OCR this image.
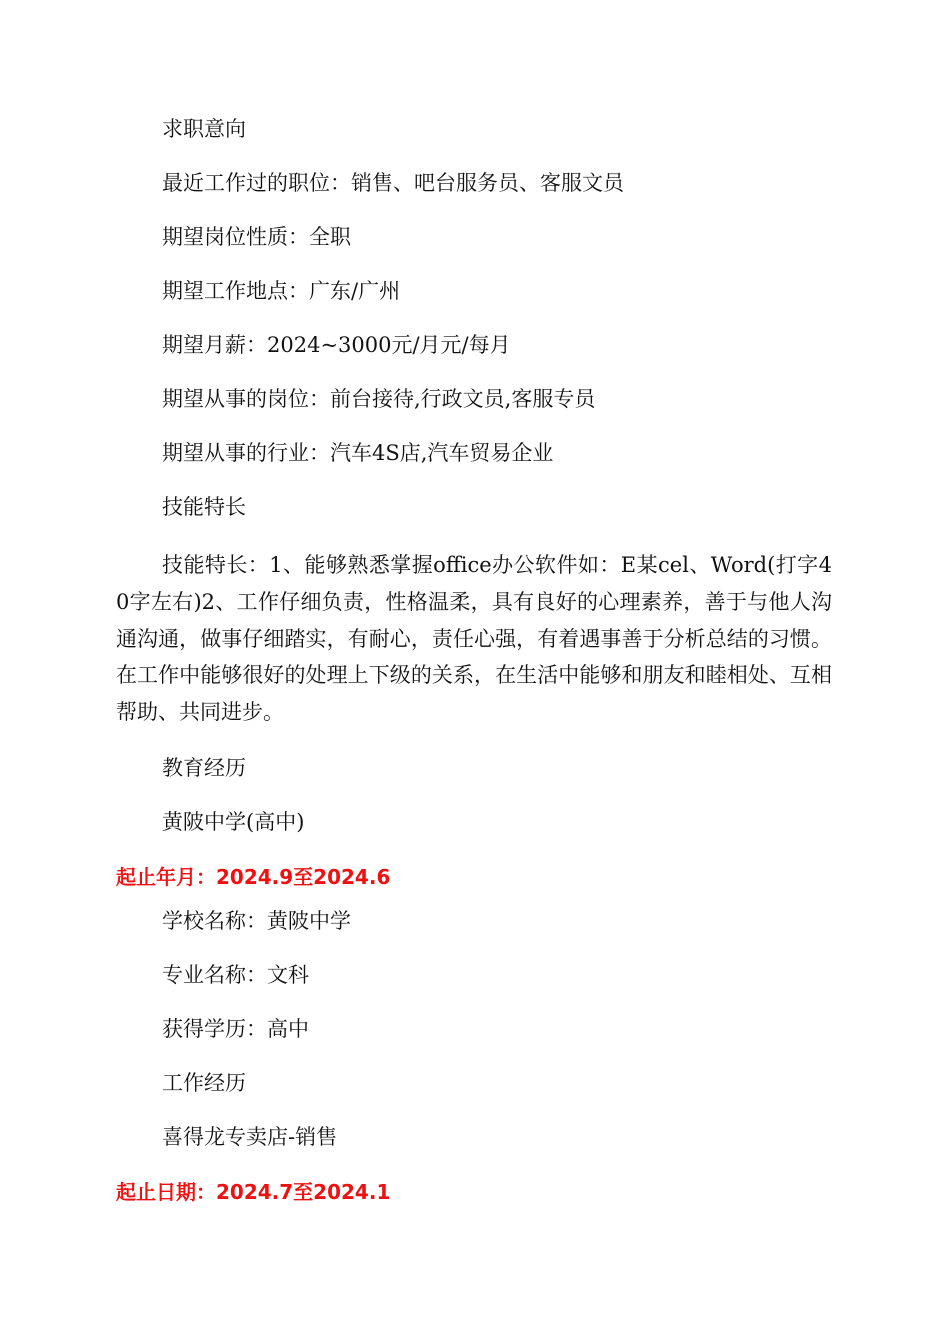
求职意向

最近工作过的职位：销售、吧台服务员、客服文员

期望岗位性质：全职

期望工作地点：广东/广州

期望月薪：2024~3000元/月元/每月

期望从事的岗位：前台接待,行政文员,客服专员

期望从事的行业：汽车4S店,汽车贸易企业

技能特长

技能特长：1、能够熟悉掌握office办公软件如：E某cel、Word(打字40字左右)2、工作仔细负责，性格温柔，具有良好的心理素养，善于与他人沟通沟通，做事仔细踏实，有耐心，责任心强，有着遇事善于分析总结的习惯。在工作中能够很好的处理上下级的关系，在生活中能够和朋友和睦相处、互相帮助、共同进步。

教育经历

黄陂中学(高中)

起止年月：2024.9至2024.6

学校名称：黄陂中学

专业名称：文科

获得学历：高中

工作经历

喜得龙专卖店-销售

起止日期：2024.7至2024.1
